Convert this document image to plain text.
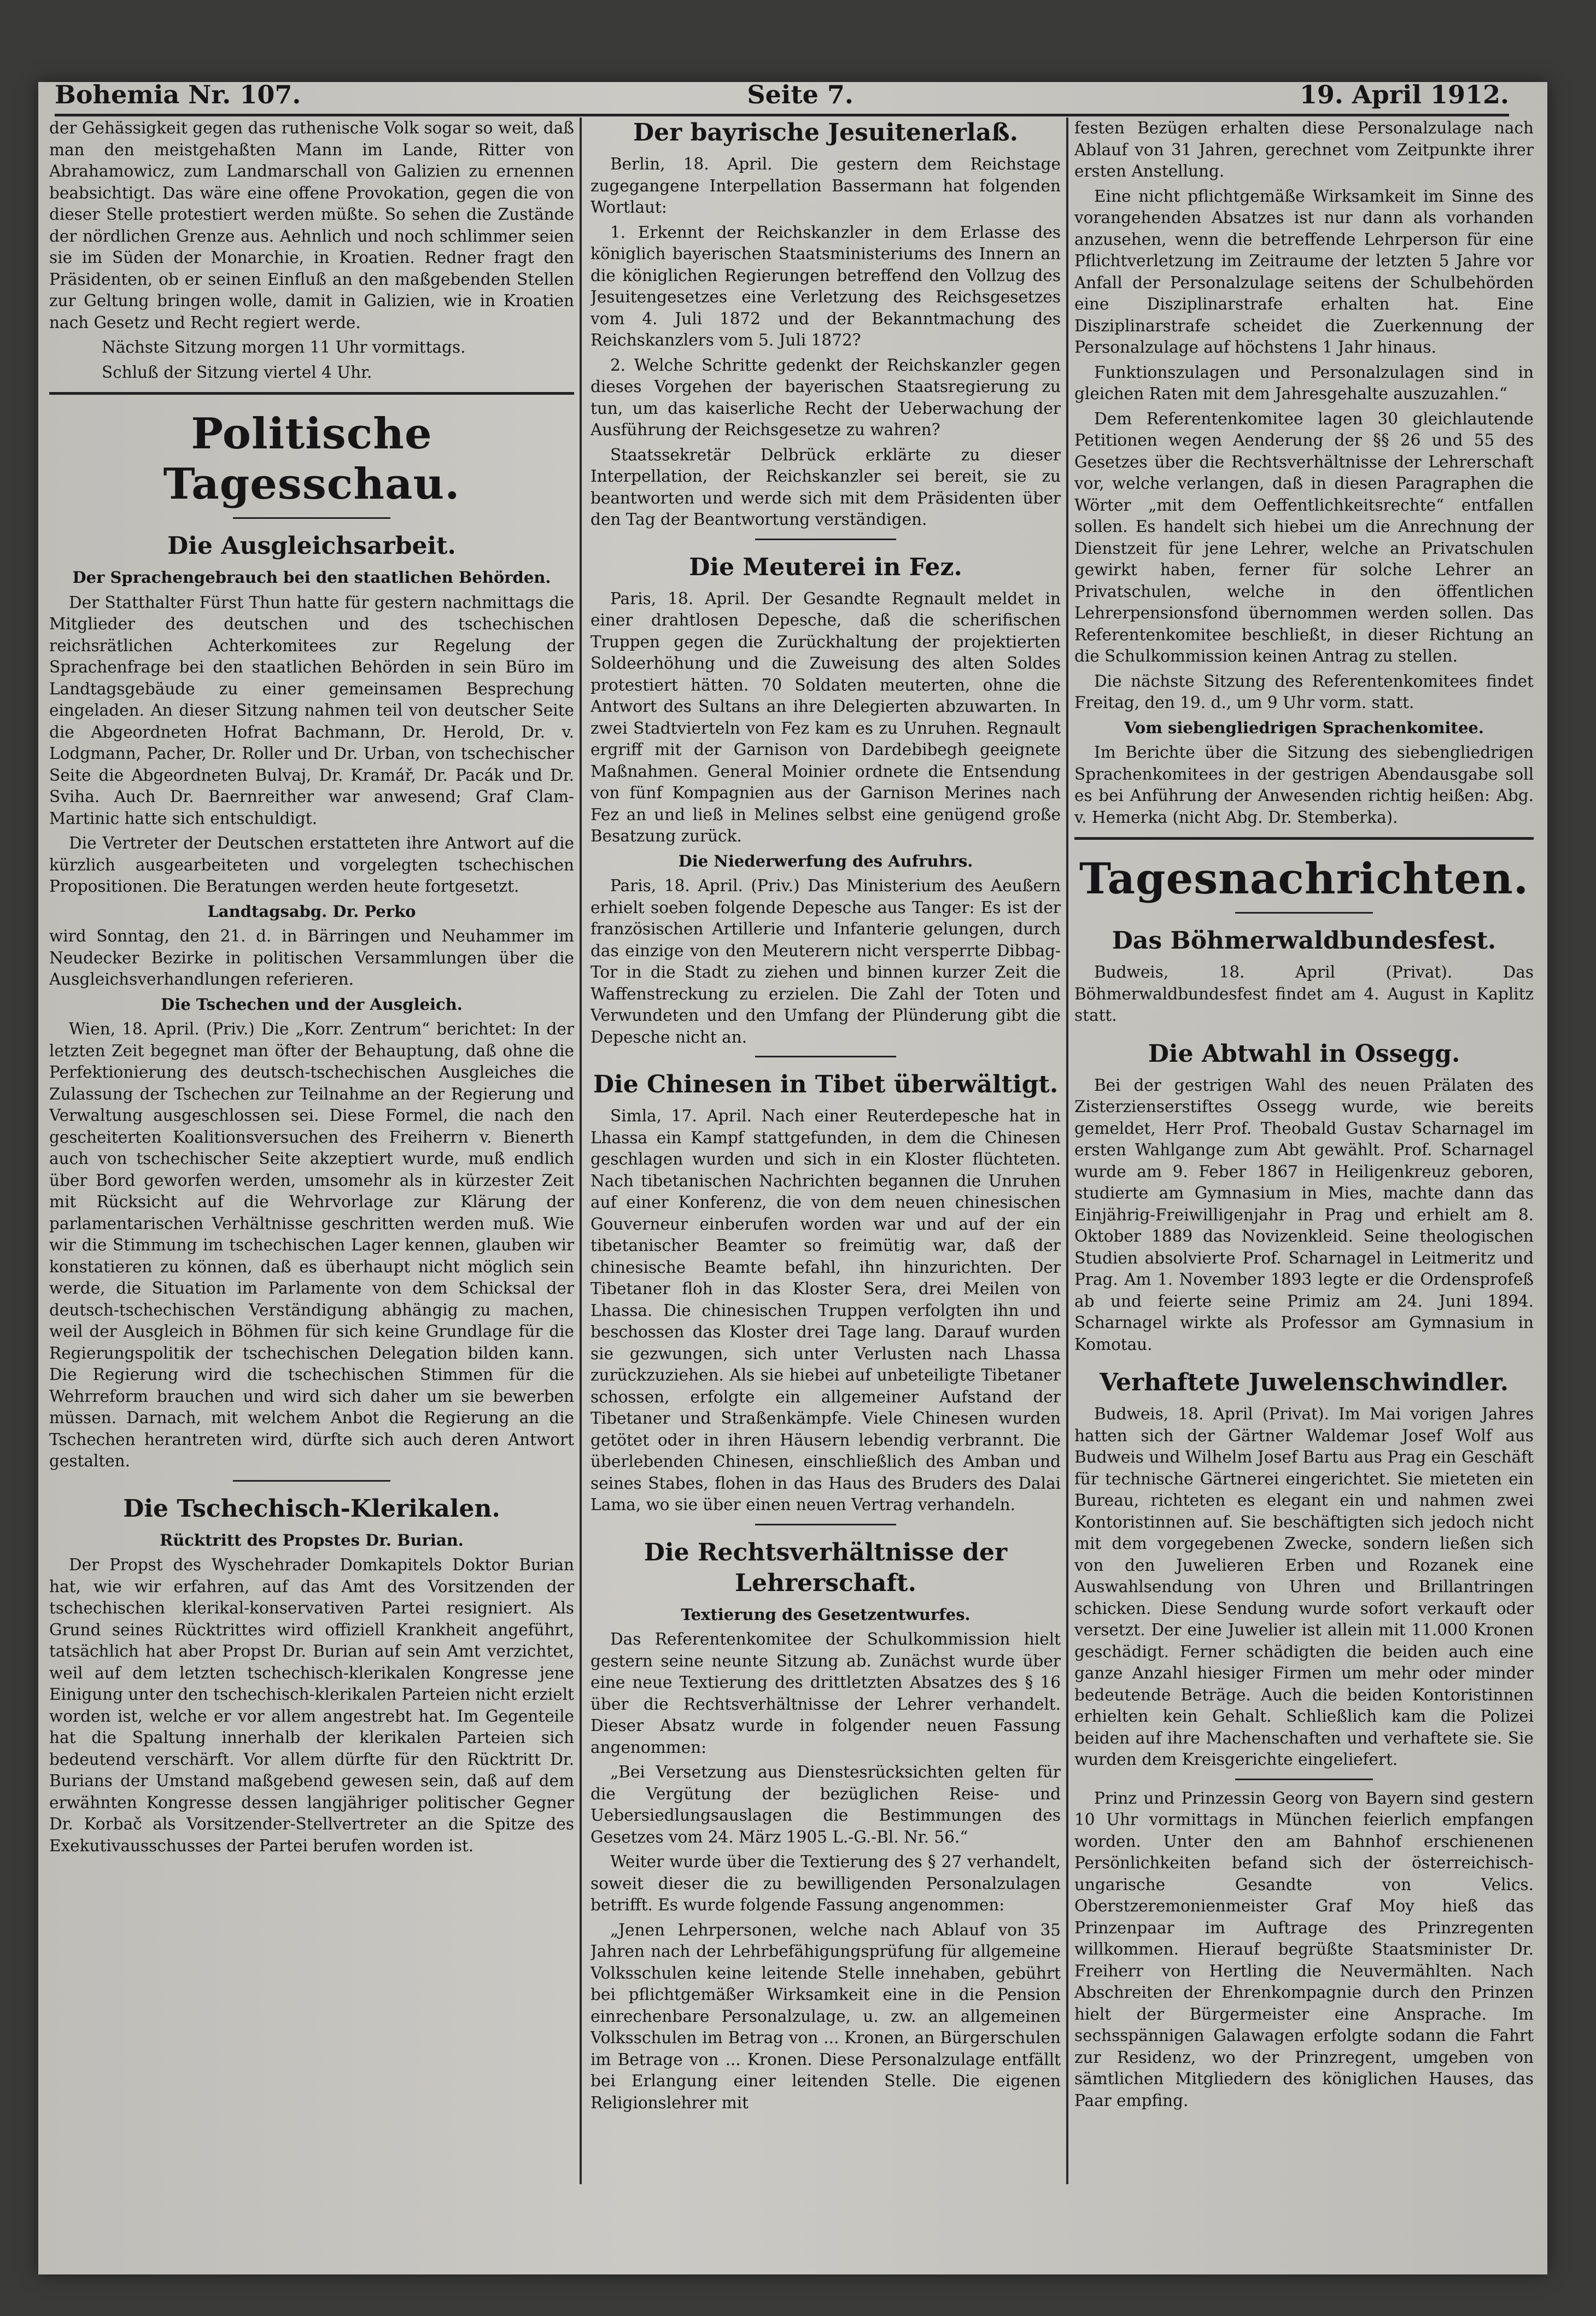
Bohemia Nr. 107.	Seite 7.	19. April 1912.

der Gehässigkeit gegen das ruthenische Volk sogar so weit, daß man den meistgehaßten Mann im Lande, Ritter von Abrahamowicz, zum Landmarschall von Galizien zu ernennen beabsichtigt. Das wäre eine offene Provokation, gegen die von dieser Stelle protestiert werden müßte. So sehen die Zustände der nördlichen Grenze aus. Aehnlich und noch schlimmer seien sie im Süden der Monarchie, in Kroatien. Redner fragt den Präsidenten, ob er seinen Einfluß an den maßgebenden Stellen zur Geltung bringen wolle, damit in Galizien, wie in Kroatien nach Gesetz und Recht regiert werde.

Nächste Sitzung morgen 11 Uhr vormittags.

Schluß der Sitzung viertel 4 Uhr.

Politische Tagesschau.
Die Ausgleichsarbeit.
Der Sprachengebrauch bei den staatlichen Behörden.

Der Statthalter Fürst Thun hatte für gestern nachmittags die Mitglieder des deutschen und des tschechischen reichsrätlichen Achterkomitees zur Regelung der Sprachenfrage bei den staatlichen Behörden in sein Büro im Landtagsgebäude zu einer gemeinsamen Besprechung eingeladen. An dieser Sitzung nahmen teil von deutscher Seite die Abgeordneten Hofrat Bachmann, Dr. Herold, Dr. v. Lodgmann, Pacher, Dr. Roller und Dr. Urban, von tschechischer Seite die Abgeordneten Bulvaj, Dr. Kramář, Dr. Pacák und Dr. Sviha. Auch Dr. Baernreither war anwesend; Graf Clam-Martinic hatte sich entschuldigt.

Die Vertreter der Deutschen erstatteten ihre Antwort auf die kürzlich ausgearbeiteten und vorgelegten tschechischen Propositionen. Die Beratungen werden heute fortgesetzt.

Landtagsabg. Dr. Perko

wird Sonntag, den 21. d. in Bärringen und Neuhammer im Neudecker Bezirke in politischen Versammlungen über die Ausgleichsverhandlungen referieren.

Die Tschechen und der Ausgleich.

Wien, 18. April. (Priv.) Die „Korr. Zentrum“ berichtet: In der letzten Zeit begegnet man öfter der Behauptung, daß ohne die Perfektionierung des deutsch-tschechischen Ausgleiches die Zulassung der Tschechen zur Teilnahme an der Regierung und Verwaltung ausgeschlossen sei. Diese Formel, die nach den gescheiterten Koalitionsversuchen des Freiherrn v. Bienerth auch von tschechischer Seite akzeptiert wurde, muß endlich über Bord geworfen werden, umsomehr als in kürzester Zeit mit Rücksicht auf die Wehrvorlage zur Klärung der parlamentarischen Verhältnisse geschritten werden muß. Wie wir die Stimmung im tschechischen Lager kennen, glauben wir konstatieren zu können, daß es überhaupt nicht möglich sein werde, die Situation im Parlamente von dem Schicksal der deutsch-tschechischen Verständigung abhängig zu machen, weil der Ausgleich in Böhmen für sich keine Grundlage für die Regierungspolitik der tschechischen Delegation bilden kann. Die Regierung wird die tschechischen Stimmen für die Wehrreform brauchen und wird sich daher um sie bewerben müssen. Darnach, mit welchem Anbot die Regierung an die Tschechen herantreten wird, dürfte sich auch deren Antwort gestalten.

Die Tschechisch-Klerikalen.
Rücktritt des Propstes Dr. Burian.

Der Propst des Wyschehrader Domkapitels Doktor Burian hat, wie wir erfahren, auf das Amt des Vorsitzenden der tschechischen klerikal-konservativen Partei resigniert. Als Grund seines Rücktrittes wird offiziell Krankheit angeführt, tatsächlich hat aber Propst Dr. Burian auf sein Amt verzichtet, weil auf dem letzten tschechisch-klerikalen Kongresse jene Einigung unter den tschechisch-klerikalen Parteien nicht erzielt worden ist, welche er vor allem angestrebt hat. Im Gegenteile hat die Spaltung innerhalb der klerikalen Parteien sich bedeutend verschärft. Vor allem dürfte für den Rücktritt Dr. Burians der Umstand maßgebend gewesen sein, daß auf dem erwähnten Kongresse dessen langjähriger politischer Gegner Dr. Korbač als Vorsitzender-Stellvertreter an die Spitze des Exekutivausschusses der Partei berufen worden ist.

Der bayrische Jesuitenerlaß.

Berlin, 18. April. Die gestern dem Reichstage zugegangene Interpellation Bassermann hat folgenden Wortlaut:

1. Erkennt der Reichskanzler in dem Erlasse des königlich bayerischen Staatsministeriums des Innern an die königlichen Regierungen betreffend den Vollzug des Jesuitengesetzes eine Verletzung des Reichsgesetzes vom 4. Juli 1872 und der Bekanntmachung des Reichskanzlers vom 5. Juli 1872?

2. Welche Schritte gedenkt der Reichskanzler gegen dieses Vorgehen der bayerischen Staatsregierung zu tun, um das kaiserliche Recht der Ueberwachung der Ausführung der Reichsgesetze zu wahren?

Staatssekretär Delbrück erklärte zu dieser Interpellation, der Reichskanzler sei bereit, sie zu beantworten und werde sich mit dem Präsidenten über den Tag der Beantwortung verständigen.

Die Meuterei in Fez.

Paris, 18. April. Der Gesandte Regnault meldet in einer drahtlosen Depesche, daß die scherifischen Truppen gegen die Zurückhaltung der projektierten Soldeerhöhung und die Zuweisung des alten Soldes protestiert hätten. 70 Soldaten meuterten, ohne die Antwort des Sultans an ihre Delegierten abzuwarten. In zwei Stadtvierteln von Fez kam es zu Unruhen. Regnault ergriff mit der Garnison von Dardebibegh geeignete Maßnahmen. General Moinier ordnete die Entsendung von fünf Kompagnien aus der Garnison Merines nach Fez an und ließ in Melines selbst eine genügend große Besatzung zurück.

Die Niederwerfung des Aufruhrs.

Paris, 18. April. (Priv.) Das Ministerium des Aeußern erhielt soeben folgende Depesche aus Tanger: Es ist der französischen Artillerie und Infanterie gelungen, durch das einzige von den Meuterern nicht versperrte Dibbag-Tor in die Stadt zu ziehen und binnen kurzer Zeit die Waffenstreckung zu erzielen. Die Zahl der Toten und Verwundeten und den Umfang der Plünderung gibt die Depesche nicht an.

Die Chinesen in Tibet überwältigt.

Simla, 17. April. Nach einer Reuterdepesche hat in Lhassa ein Kampf stattgefunden, in dem die Chinesen geschlagen wurden und sich in ein Kloster flüchteten. Nach tibetanischen Nachrichten begannen die Unruhen auf einer Konferenz, die von dem neuen chinesischen Gouverneur einberufen worden war und auf der ein tibetanischer Beamter so freimütig war, daß der chinesische Beamte befahl, ihn hinzurichten. Der Tibetaner floh in das Kloster Sera, drei Meilen von Lhassa. Die chinesischen Truppen verfolgten ihn und beschossen das Kloster drei Tage lang. Darauf wurden sie gezwungen, sich unter Verlusten nach Lhassa zurückzuziehen. Als sie hiebei auf unbeteiligte Tibetaner schossen, erfolgte ein allgemeiner Aufstand der Tibetaner und Straßenkämpfe. Viele Chinesen wurden getötet oder in ihren Häusern lebendig verbrannt. Die überlebenden Chinesen, einschließlich des Amban und seines Stabes, flohen in das Haus des Bruders des Dalai Lama, wo sie über einen neuen Vertrag verhandeln.

Die Rechtsverhältnisse der Lehrerschaft.
Textierung des Gesetzentwurfes.

Das Referentenkomitee der Schulkommission hielt gestern seine neunte Sitzung ab. Zunächst wurde über eine neue Textierung des drittletzten Absatzes des § 16 über die Rechtsverhältnisse der Lehrer verhandelt. Dieser Absatz wurde in folgender neuen Fassung angenommen:

„Bei Versetzung aus Dienstesrücksichten gelten für die Vergütung der bezüglichen Reise- und Uebersiedlungsauslagen die Bestimmungen des Gesetzes vom 24. März 1905 L.-G.-Bl. Nr. 56.“

Weiter wurde über die Textierung des § 27 verhandelt, soweit dieser die zu bewilligenden Personalzulagen betrifft. Es wurde folgende Fassung angenommen:

„Jenen Lehrpersonen, welche nach Ablauf von 35 Jahren nach der Lehrbefähigungsprüfung für allgemeine Volksschulen keine leitende Stelle innehaben, gebührt bei pflichtgemäßer Wirksamkeit eine in die Pension einrechenbare Personalzulage, u. zw. an allgemeinen Volksschulen im Betrag von ... Kronen, an Bürgerschulen im Betrage von ... Kronen. Diese Personalzulage entfällt bei Erlangung einer leitenden Stelle. Die eigenen Religionslehrer mit

festen Bezügen erhalten diese Personalzulage nach Ablauf von 31 Jahren, gerechnet vom Zeitpunkte ihrer ersten Anstellung.

Eine nicht pflichtgemäße Wirksamkeit im Sinne des vorangehenden Absatzes ist nur dann als vorhanden anzusehen, wenn die betreffende Lehrperson für eine Pflichtverletzung im Zeitraume der letzten 5 Jahre vor Anfall der Personalzulage seitens der Schulbehörden eine Disziplinarstrafe erhalten hat. Eine Disziplinarstrafe scheidet die Zuerkennung der Personalzulage auf höchstens 1 Jahr hinaus.

Funktionszulagen und Personalzulagen sind in gleichen Raten mit dem Jahresgehalte auszuzahlen.“

Dem Referentenkomitee lagen 30 gleichlautende Petitionen wegen Aenderung der §§ 26 und 55 des Gesetzes über die Rechtsverhältnisse der Lehrerschaft vor, welche verlangen, daß in diesen Paragraphen die Wörter „mit dem Oeffentlichkeitsrechte“ entfallen sollen. Es handelt sich hiebei um die Anrechnung der Dienstzeit für jene Lehrer, welche an Privatschulen gewirkt haben, ferner für solche Lehrer an Privatschulen, welche in den öffentlichen Lehrerpensionsfond übernommen werden sollen. Das Referentenkomitee beschließt, in dieser Richtung an die Schulkommission keinen Antrag zu stellen.

Die nächste Sitzung des Referentenkomitees findet Freitag, den 19. d., um 9 Uhr vorm. statt.

Vom siebengliedrigen Sprachenkomitee.

Im Berichte über die Sitzung des siebengliedrigen Sprachenkomitees in der gestrigen Abendausgabe soll es bei Anführung der Anwesenden richtig heißen: Abg. v. Hemerka (nicht Abg. Dr. Stemberka).

Tagesnachrichten.
Das Böhmerwaldbundesfest.

Budweis, 18. April (Privat). Das Böhmerwaldbundesfest findet am 4. August in Kaplitz statt.

Die Abtwahl in Ossegg.

Bei der gestrigen Wahl des neuen Prälaten des Zisterzienserstiftes Ossegg wurde, wie bereits gemeldet, Herr Prof. Theobald Gustav Scharnagel im ersten Wahlgange zum Abt gewählt. Prof. Scharnagel wurde am 9. Feber 1867 in Heiligenkreuz geboren, studierte am Gymnasium in Mies, machte dann das Einjährig-Freiwilligenjahr in Prag und erhielt am 8. Oktober 1889 das Novizenkleid. Seine theologischen Studien absolvierte Prof. Scharnagel in Leitmeritz und Prag. Am 1. November 1893 legte er die Ordensprofeß ab und feierte seine Primiz am 24. Juni 1894. Scharnagel wirkte als Professor am Gymnasium in Komotau.

Verhaftete Juwelenschwindler.

Budweis, 18. April (Privat). Im Mai vorigen Jahres hatten sich der Gärtner Waldemar Josef Wolf aus Budweis und Wilhelm Josef Bartu aus Prag ein Geschäft für technische Gärtnerei eingerichtet. Sie mieteten ein Bureau, richteten es elegant ein und nahmen zwei Kontoristinnen auf. Sie beschäftigten sich jedoch nicht mit dem vorgegebenen Zwecke, sondern ließen sich von den Juwelieren Erben und Rozanek eine Auswahlsendung von Uhren und Brillantringen schicken. Diese Sendung wurde sofort verkauft oder versetzt. Der eine Juwelier ist allein mit 11.000 Kronen geschädigt. Ferner schädigten die beiden auch eine ganze Anzahl hiesiger Firmen um mehr oder minder bedeutende Beträge. Auch die beiden Kontoristinnen erhielten kein Gehalt. Schließlich kam die Polizei beiden auf ihre Machenschaften und verhaftete sie. Sie wurden dem Kreisgerichte eingeliefert.

Prinz und Prinzessin Georg von Bayern sind gestern 10 Uhr vormittags in München feierlich empfangen worden. Unter den am Bahnhof erschienenen Persönlichkeiten befand sich der österreichisch-ungarische Gesandte von Velics. Oberstzeremonienmeister Graf Moy hieß das Prinzenpaar im Auftrage des Prinzregenten willkommen. Hierauf begrüßte Staatsminister Dr. Freiherr von Hertling die Neuvermählten. Nach Abschreiten der Ehrenkompagnie durch den Prinzen hielt der Bürgermeister eine Ansprache. Im sechsspännigen Galawagen erfolgte sodann die Fahrt zur Residenz, wo der Prinzregent, umgeben von sämtlichen Mitgliedern des königlichen Hauses, das Paar empfing.
